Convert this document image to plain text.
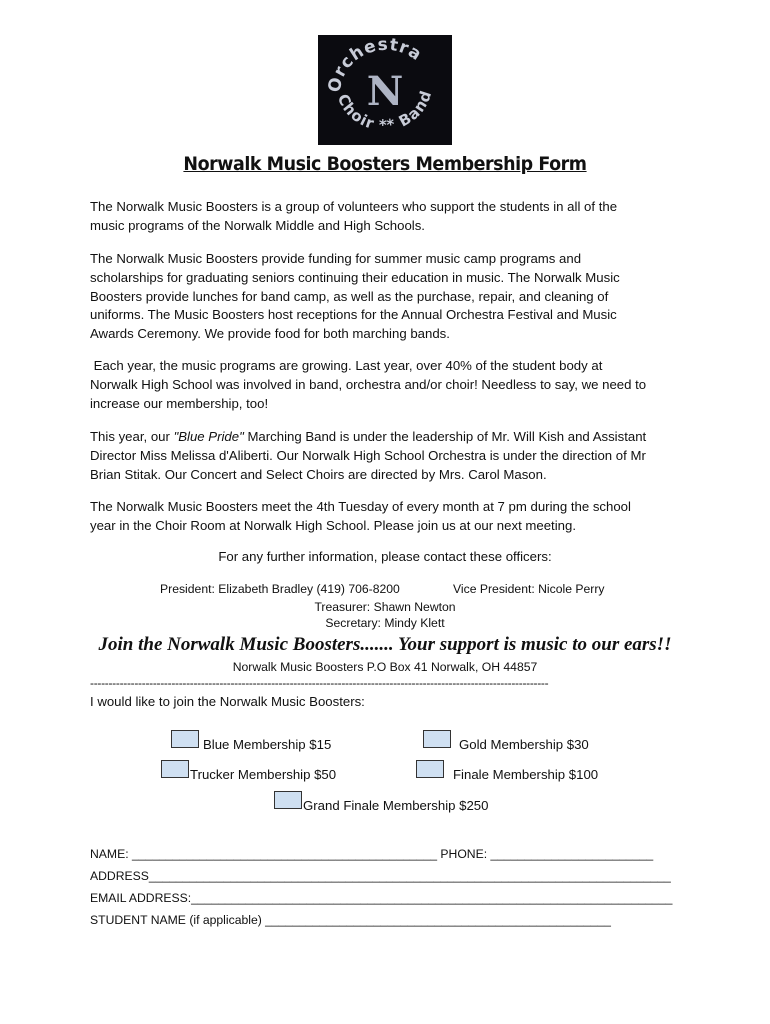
Orchestra
Choir ** Band
N
Norwalk Music Boosters Membership Form
The Norwalk Music Boosters is a group of volunteers who support the students in all of the
music programs of the Norwalk Middle and High Schools.
The Norwalk Music Boosters provide funding for summer music camp programs and
scholarships for graduating seniors continuing their education in music. The Norwalk Music
Boosters provide lunches for band camp, as well as the purchase, repair, and cleaning of
uniforms. The Music Boosters host receptions for the Annual Orchestra Festival and Music
Awards Ceremony. We provide food for both marching bands.
Each year, the music programs are growing. Last year, over 40% of the student body at
Norwalk High School was involved in band, orchestra and/or choir! Needless to say, we need to
increase our membership, too!
This year, our "Blue Pride" Marching Band is under the leadership of Mr. Will Kish and Assistant
Director Miss Melissa d'Aliberti. Our Norwalk High School Orchestra is under the direction of Mr
Brian Stitak. Our Concert and Select Choirs are directed by Mrs. Carol Mason.
The Norwalk Music Boosters meet the 4th Tuesday of every month at 7 pm during the school
year in the Choir Room at Norwalk High School. Please join us at our next meeting.
For any further information, please contact these officers:
President: Elizabeth Bradley (419) 706-8200	Vice President: Nicole Perry
Treasurer: Shawn Newton
Secretary: Mindy Klett
Join the Norwalk Music Boosters....... Your support is music to our ears!!
Norwalk Music Boosters P.O Box 41 Norwalk, OH 44857
----------------------------------------------------------------------------------------------------------------------------
I would like to join the Norwalk Music Boosters:
Blue Membership $15	Gold Membership $30
Trucker Membership $50	Finale Membership $100
Grand Finale Membership $250
NAME: _____________________________________________ PHONE: ________________________
ADDRESS_____________________________________________________________________________
EMAIL ADDRESS:_______________________________________________________________________
STUDENT NAME (if applicable) ___________________________________________________
